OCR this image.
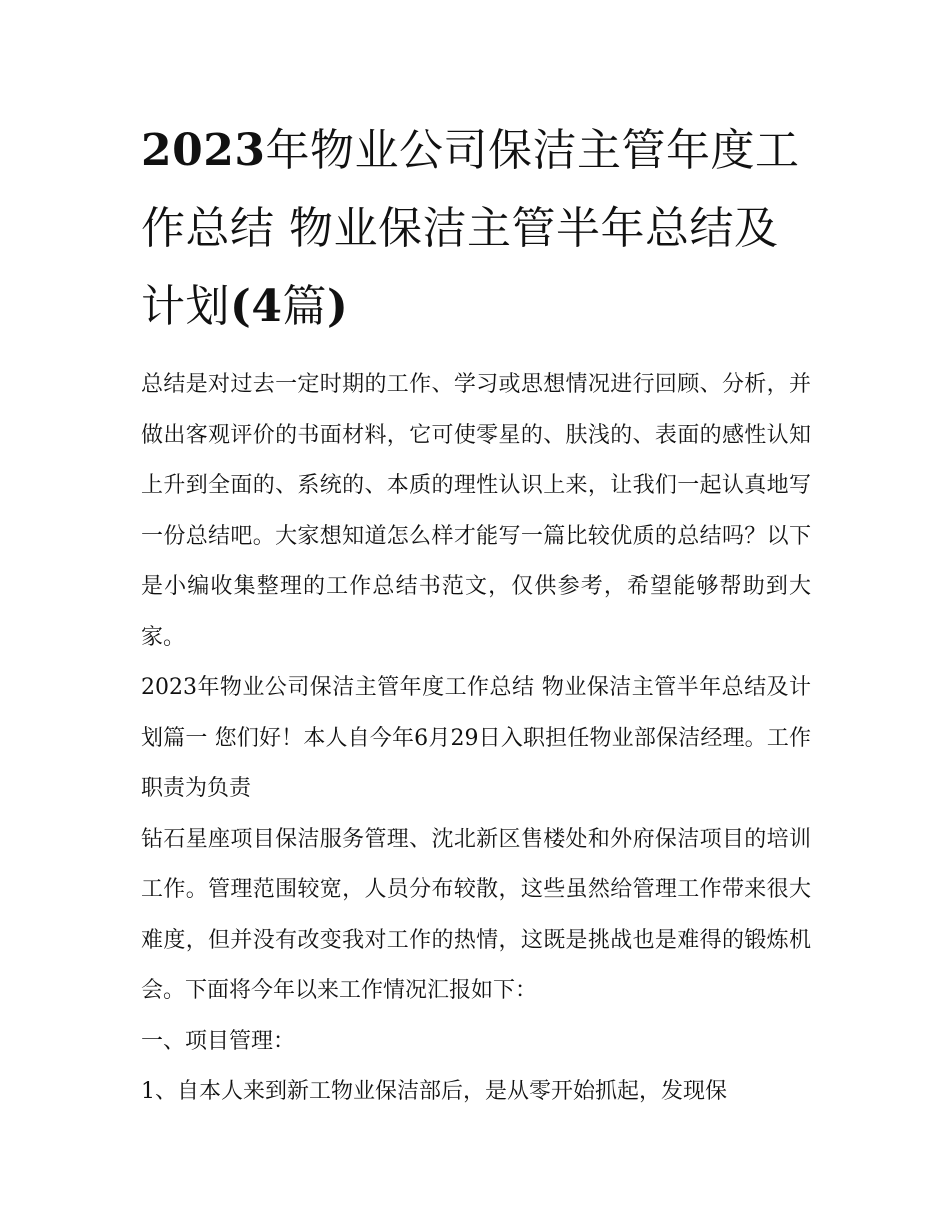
2023年物业公司保洁主管年度工作总结 物业保洁主管半年总结及计划(4篇)

总结是对过去一定时期的工作、学习或思想情况进行回顾、分析，并做出客观评价的书面材料，它可使零星的、肤浅的、表面的感性认知上升到全面的、系统的、本质的理性认识上来，让我们一起认真地写一份总结吧。大家想知道怎么样才能写一篇比较优质的总结吗？以下是小编收集整理的工作总结书范文，仅供参考，希望能够帮助到大家。

2023年物业公司保洁主管年度工作总结 物业保洁主管半年总结及计划篇一 您们好！本人自今年6月29日入职担任物业部保洁经理。工作职责为负责

钻石星座项目保洁服务管理、沈北新区售楼处和外府保洁项目的培训工作。管理范围较宽，人员分布较散，这些虽然给管理工作带来很大难度，但并没有改变我对工作的热情，这既是挑战也是难得的锻炼机会。下面将今年以来工作情况汇报如下：

一、项目管理：

1、自本人来到新工物业保洁部后，是从零开始抓起，发现保
